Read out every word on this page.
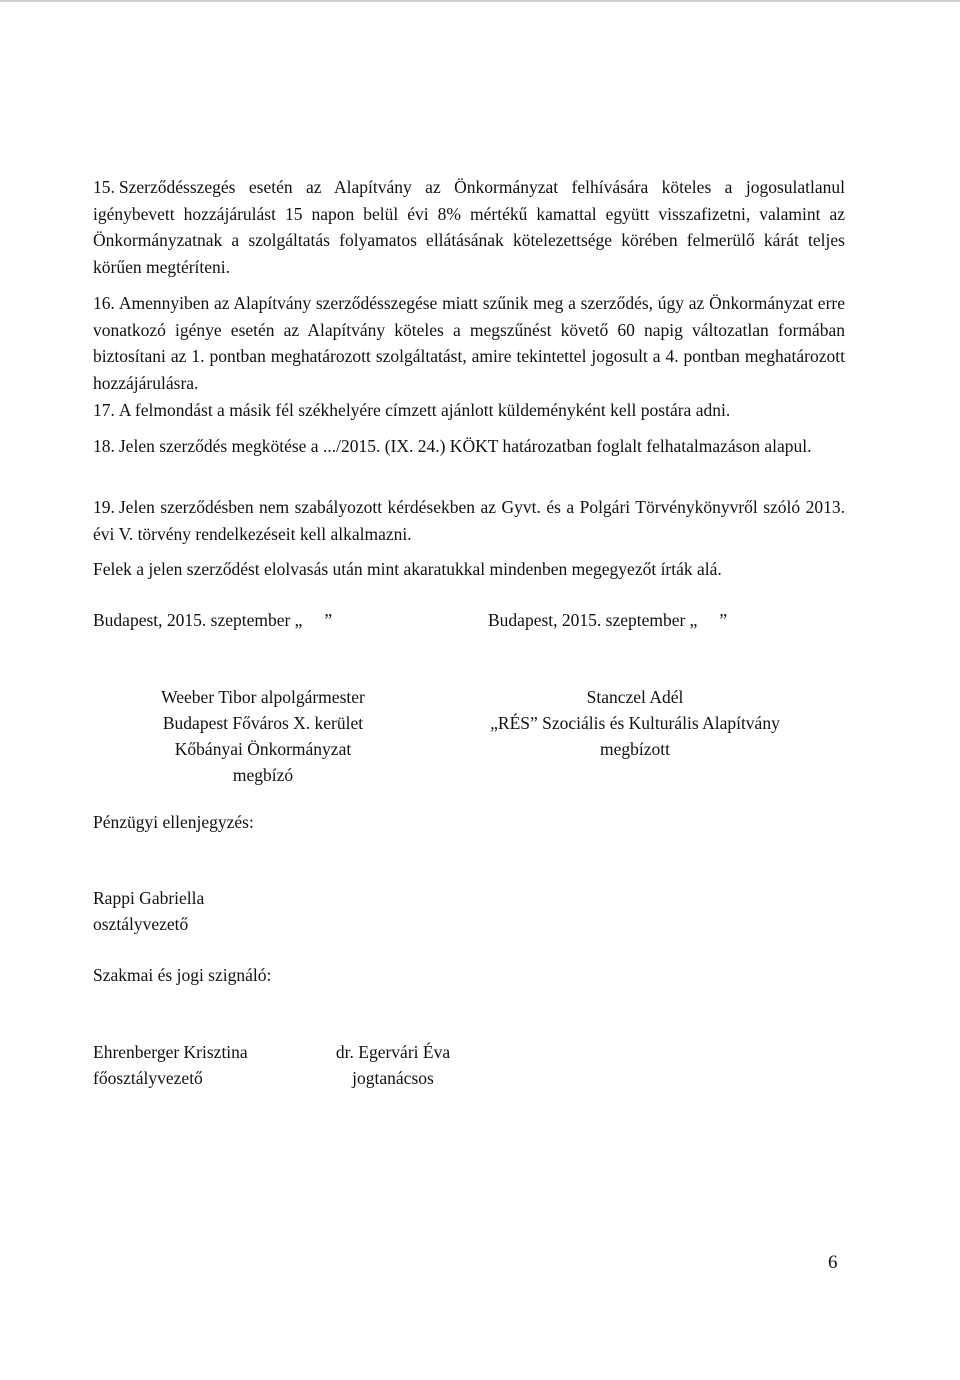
15. Szerződésszegés esetén az Alapítvány az Önkormányzat felhívására köteles a jogosulatlanul igénybevett hozzájárulást 15 napon belül évi 8% mértékű kamattal együtt visszafizetni, valamint az Önkormányzatnak a szolgáltatás folyamatos ellátásának kötelezettsége körében felmerülő kárát teljes körűen megtéríteni.

16. Amennyiben az Alapítvány szerződésszegése miatt szűnik meg a szerződés, úgy az Önkormányzat erre vonatkozó igénye esetén az Alapítvány köteles a megszűnést követő 60 napig változatlan formában biztosítani az 1. pontban meghatározott szolgáltatást, amire tekintettel jogosult a 4. pontban meghatározott hozzájárulásra.

17. A felmondást a másik fél székhelyére címzett ajánlott küldeményként kell postára adni.

18. Jelen szerződés megkötése a .../2015. (IX. 24.) KÖKT határozatban foglalt felhatalmazáson alapul.

19. Jelen szerződésben nem szabályozott kérdésekben az Gyvt. és a Polgári Törvénykönyvről szóló 2013. évi V. törvény rendelkezéseit kell alkalmazni.

Felek a jelen szerződést elolvasás után mint akaratukkal mindenben megegyezőt írták alá.

Budapest, 2015. szeptember „     ”	Budapest, 2015. szeptember „     ”

Weeber Tibor alpolgármester
Budapest Főváros X. kerület
Kőbányai Önkormányzat
megbízó
Stanczel Adél
„RÉS” Szociális és Kulturális Alapítvány
megbízott

Pénzügyi ellenjegyzés:

Rappi Gabriella
osztályvezető

Szakmai és jogi szignáló:

Ehrenberger Krisztina
főosztályvezető
dr. Egervári Éva
jogtanácsos
6
